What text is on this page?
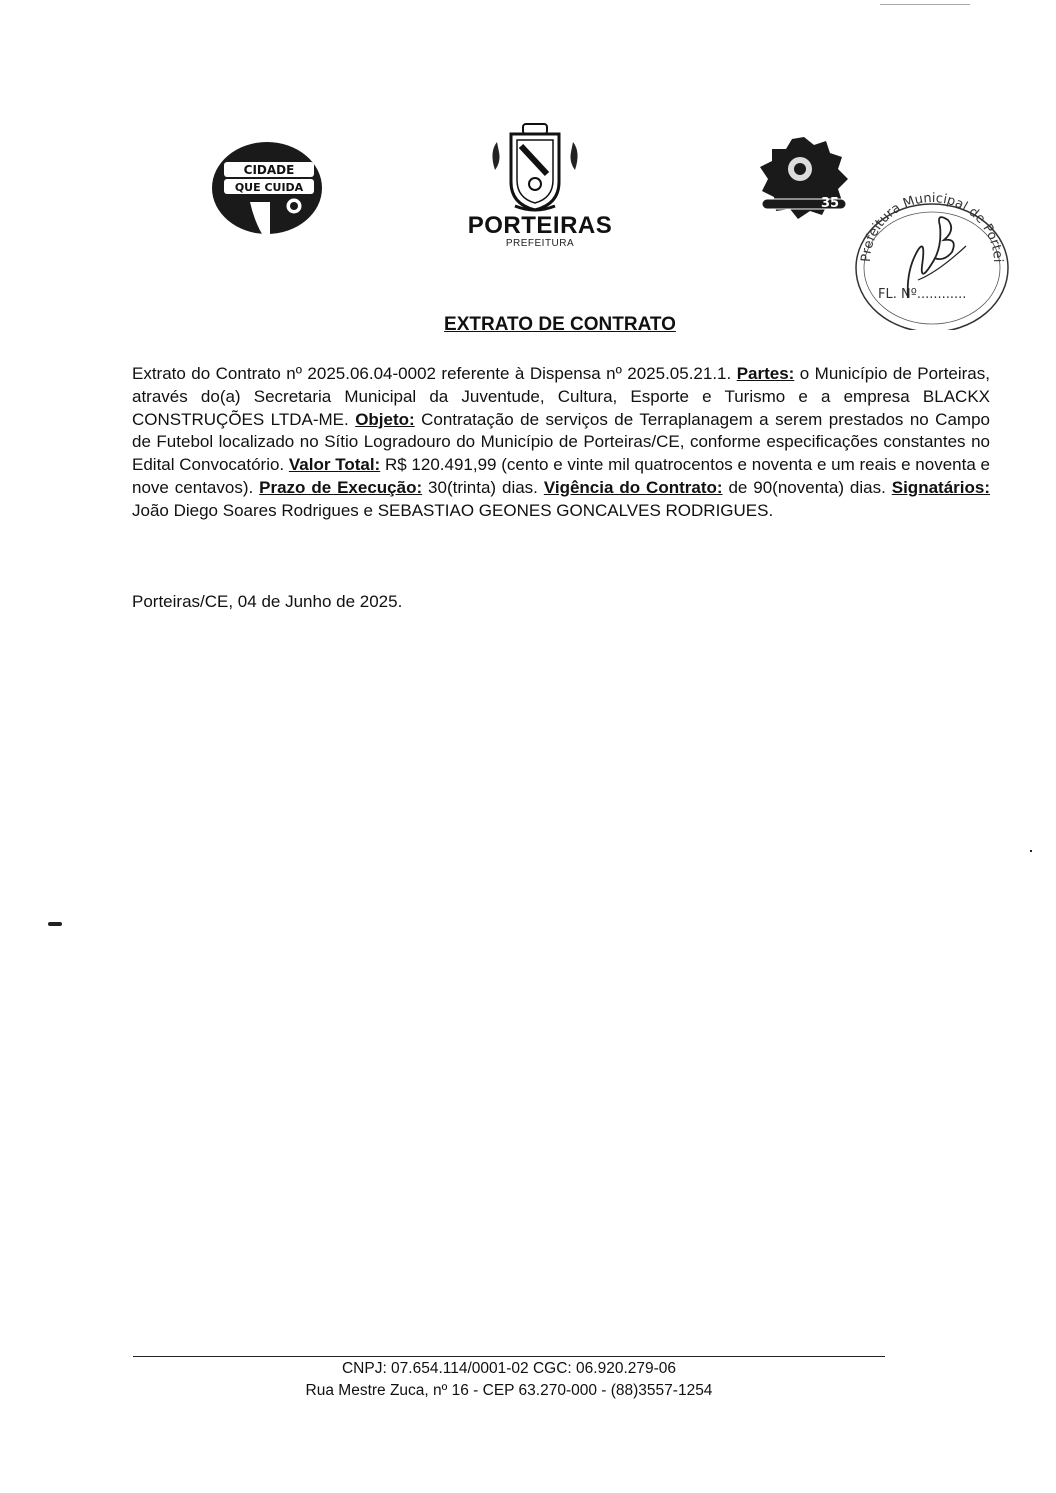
CIDADE
QUE CUIDA
PORTEIRAS
PREFEITURA
35
Prefeitura Municipal de Portei
FL. Nº............
EXTRATO DE CONTRATO
Extrato do Contrato nº 2025.06.04-0002 referente à Dispensa nº 2025.05.21.1. Partes: o Município de Porteiras, através do(a) Secretaria Municipal da Juventude, Cultura, Esporte e Turismo e a empresa BLACKX CONSTRUÇÕES LTDA-ME. Objeto: Contratação de serviços de Terraplanagem a serem prestados no Campo de Futebol localizado no Sítio Logradouro do Município de Porteiras/CE, conforme especificações constantes no Edital Convocatório. Valor Total: R$ 120.491,99 (cento e vinte mil quatrocentos e noventa e um reais e noventa e nove centavos). Prazo de Execução: 30(trinta) dias. Vigência do Contrato: de 90(noventa) dias. Signatários: João Diego Soares Rodrigues e SEBASTIAO GEONES GONCALVES RODRIGUES.
Porteiras/CE, 04 de Junho de 2025.
CNPJ: 07.654.114/0001-02 CGC: 06.920.279-06
Rua Mestre Zuca, nº 16 - CEP 63.270-000 - (88)3557-1254
